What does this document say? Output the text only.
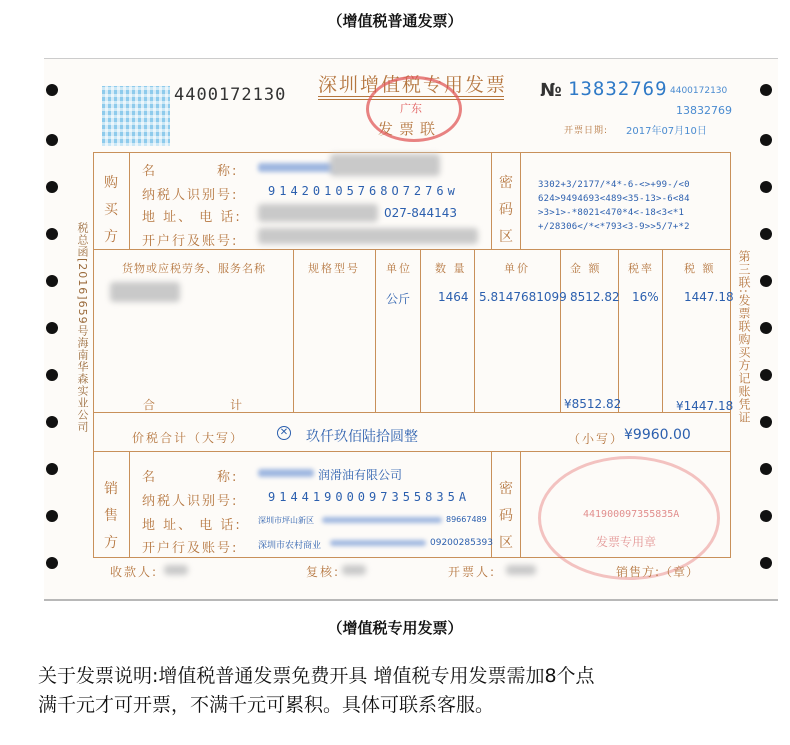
（增值税普通发票）
4400172130 深圳增值税专用发票
发票联
广东
№ 13832769 4400172130
13832769
开票日期: 2017年07月10日
税总函[2016]659号海南华森实业公司	第三联:发票联购买方记账凭证
购
买
方
名　　　　称:
纳税人识别号: 91420105768O7276w
地 址、 电 话:	027-844143
开户行及账号:
密
码
区
3302+3/2177/*4*-6-<>+99-/<0
624>9494693<489<35-13>-6<84
>3>1>-*8021<470*4<-18<3<*1
+/28306</*<*793<3-9>>5/7+*2
货物或应税劳务、服务名称	规格型号 单位 数 量	单价	金 额 税率	税 额
公斤 1464 5.8147681099 8512.82 16% 1447.18
合	计	¥8512.82	¥1447.18
价税合计（大写）	✕ 玖仟玖佰陆拾圆整	（小写） ¥9960.00
销
售
方
名　　　　称:	润滑油有限公司
纳税人识别号: 91441900097355835A
地 址、 电 话: 深圳市坪山新区	89667489
开户行及账号: 深圳市农村商业	09200285393
密
码
区
441900097355835A
发票专用章
收款人:	复核:	开票人:	销售方:（章）
（增值税专用发票）
关于发票说明:增值税普通发票免费开具 增值税专用发票需加8个点
满千元才可开票，不满千元可累积。具体可联系客服。
